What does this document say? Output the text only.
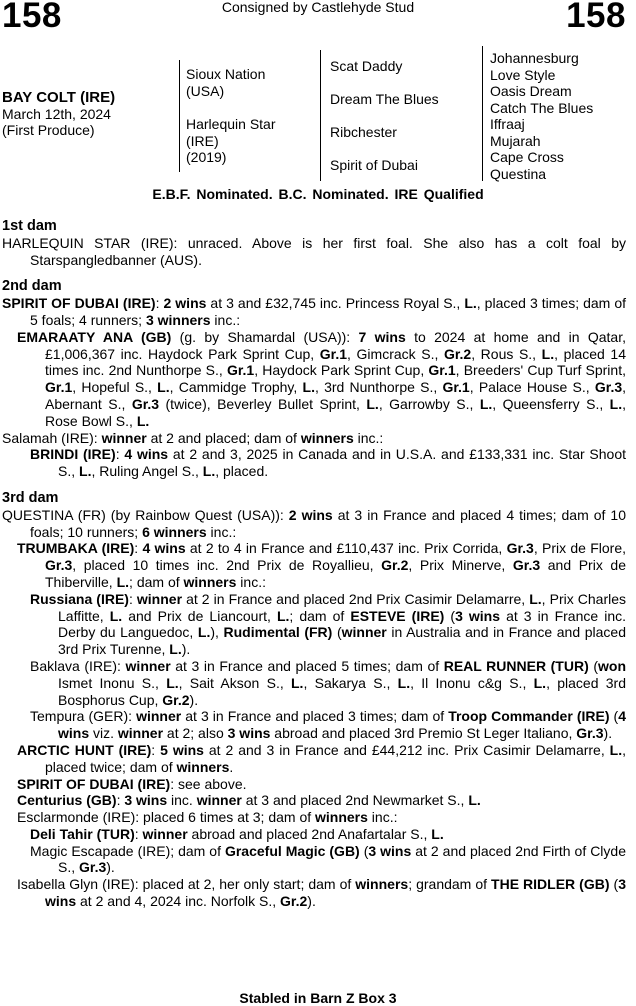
158	Consigned by Castlehyde Stud	158
BAY COLT (IRE)
March 12th, 2024
(First Produce)
Sioux Nation
(USA)
Harlequin Star
(IRE)
(2019)
Scat Daddy
Dream The Blues
Ribchester
Spirit of Dubai
Johannesburg
Love Style
Oasis Dream
Catch The Blues
Iffraaj
Mujarah
Cape Cross
Questina
E.B.F. Nominated. B.C. Nominated. IRE Qualified
1st dam
HARLEQUIN STAR (IRE): unraced. Above is her first foal. She also has a colt foal by Starspangledbanner (AUS).
2nd dam
SPIRIT OF DUBAI (IRE): 2 wins at 3 and £32,745 inc. Princess Royal S., L., placed 3 times; dam of 5 foals; 4 runners; 3 winners inc.:
EMARAATY ANA (GB) (g. by Shamardal (USA)): 7 wins to 2024 at home and in Qatar, £1,006,367 inc. Haydock Park Sprint Cup, Gr.1, Gimcrack S., Gr.2, Rous S., L., placed 14 times inc. 2nd Nunthorpe S., Gr.1, Haydock Park Sprint Cup, Gr.1, Breeders' Cup Turf Sprint, Gr.1, Hopeful S., L., Cammidge Trophy, L., 3rd Nunthorpe S., Gr.1, Palace House S., Gr.3, Abernant S., Gr.3 (twice), Beverley Bullet Sprint, L., Garrowby S., L., Queensferry S., L., Rose Bowl S., L.
Salamah (IRE): winner at 2 and placed; dam of winners inc.:
BRINDI (IRE): 4 wins at 2 and 3, 2025 in Canada and in U.S.A. and £133,331 inc. Star Shoot S., L., Ruling Angel S., L., placed.
3rd dam
QUESTINA (FR) (by Rainbow Quest (USA)): 2 wins at 3 in France and placed 4 times; dam of 10 foals; 10 runners; 6 winners inc.:
TRUMBAKA (IRE): 4 wins at 2 to 4 in France and £110,437 inc. Prix Corrida, Gr.3, Prix de Flore, Gr.3, placed 10 times inc. 2nd Prix de Royallieu, Gr.2, Prix Minerve, Gr.3 and Prix de Thiberville, L.; dam of winners inc.:
Russiana (IRE): winner at 2 in France and placed 2nd Prix Casimir Delamarre, L., Prix Charles Laffitte, L. and Prix de Liancourt, L.; dam of ESTEVE (IRE) (3 wins at 3 in France inc. Derby du Languedoc, L.), Rudimental (FR) (winner in Australia and in France and placed 3rd Prix Turenne, L.).
Baklava (IRE): winner at 3 in France and placed 5 times; dam of REAL RUNNER (TUR) (won Ismet Inonu S., L., Sait Akson S., L., Sakarya S., L., Il Inonu c&g S., L., placed 3rd Bosphorus Cup, Gr.2).
Tempura (GER): winner at 3 in France and placed 3 times; dam of Troop Commander (IRE) (4 wins viz. winner at 2; also 3 wins abroad and placed 3rd Premio St Leger Italiano, Gr.3).
ARCTIC HUNT (IRE): 5 wins at 2 and 3 in France and £44,212 inc. Prix Casimir Delamarre, L., placed twice; dam of winners.
SPIRIT OF DUBAI (IRE): see above.
Centurius (GB): 3 wins inc. winner at 3 and placed 2nd Newmarket S., L.
Esclarmonde (IRE): placed 6 times at 3; dam of winners inc.:
Deli Tahir (TUR): winner abroad and placed 2nd Anafartalar S., L.
Magic Escapade (IRE); dam of Graceful Magic (GB) (3 wins at 2 and placed 2nd Firth of Clyde S., Gr.3).
Isabella Glyn (IRE): placed at 2, her only start; dam of winners; grandam of THE RIDLER (GB) (3 wins at 2 and 4, 2024 inc. Norfolk S., Gr.2).
Stabled in Barn Z Box 3
